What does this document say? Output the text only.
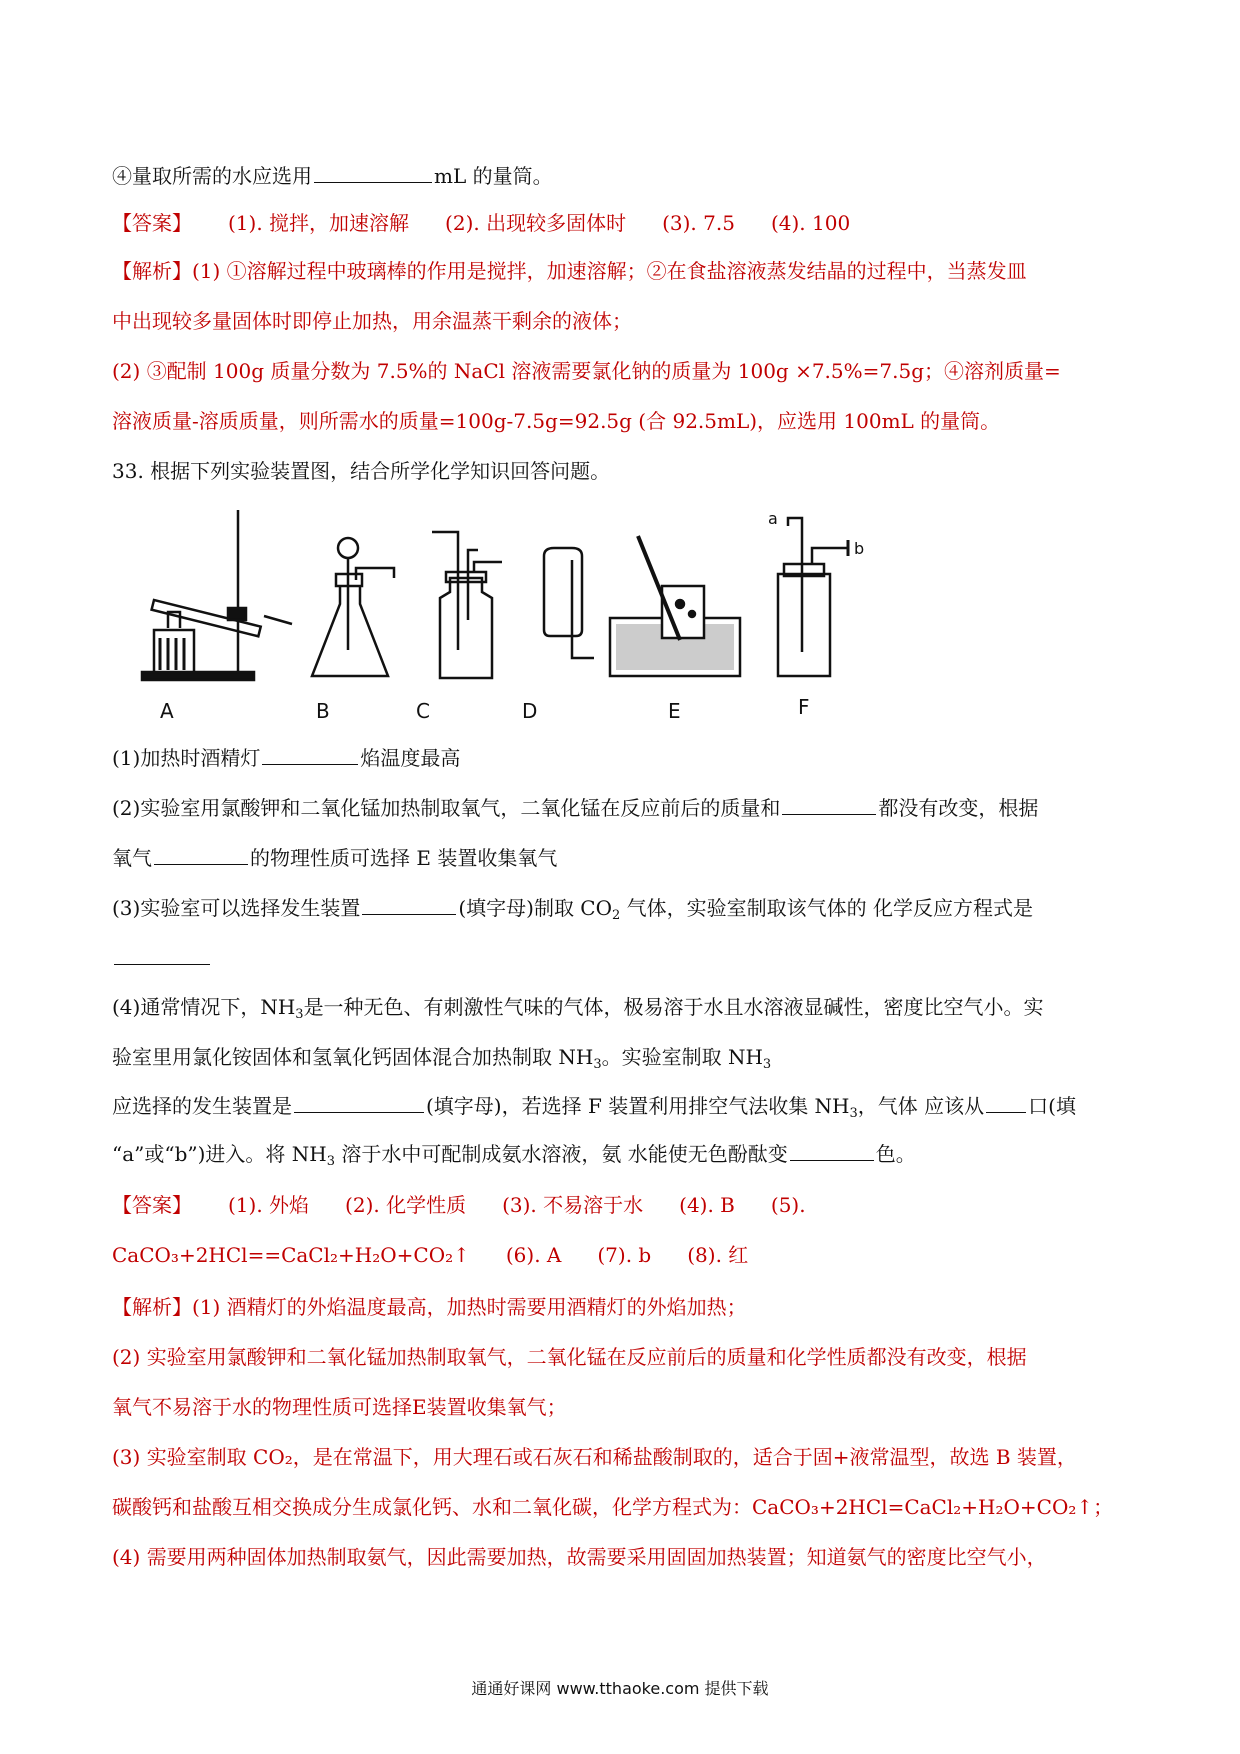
④量取所需的水应选用	mL 的量筒。
【答案】 (1). 搅拌，加速溶解 (2). 出现较多固体时 (3). 7.5 (4). 100
【解析】(1) ①溶解过程中玻璃棒的作用是搅拌，加速溶解；②在食盐溶液蒸发结晶的过程中，当蒸发皿
中出现较多量固体时即停止加热，用余温蒸干剩余的液体；
(2) ③配制 100g 质量分数为 7.5%的 NaCl 溶液需要氯化钠的质量为 100g ×7.5%=7.5g；④溶剂质量=
溶液质量-溶质质量，则所需水的质量=100g-7.5g=92.5g (合 92.5mL)，应选用 100mL 的量筒。
33. 根据下列实验装置图，结合所学化学知识回答问题。
A	B	C	D	E	F
a
b
(1)加热时酒精灯	焰温度最高
(2)实验室用氯酸钾和二氧化锰加热制取氧气，二氧化锰在反应前后的质量和	都没有改变，根据
氧气	的物理性质可选择 E 装置收集氧气
(3)实验室可以选择发生装置	(填字母)制取 $CO_2$ 气体，实验室制取该气体的 化学反应方程式是
(4)通常情况下，$NH_3$是一种无色、有刺激性气味的气体，极易溶于水且水溶液显碱性，密度比空气小。实
验室里用氯化铵固体和氢氧化钙固体混合加热制取 $NH_3$。实验室制取 $NH_3$
应选择的发生装置是	(填字母)，若选择 F 装置利用排空气法收集 $NH_3$，气体 应该从 口(填
“a”或“b”)进入。将 $NH_3$ 溶于水中可配制成氨水溶液，氨 水能使无色酚酞变	色。
【答案】 (1). 外焰 (2). 化学性质 (3). 不易溶于水 (4). B (5).
CaCO₃+2HCl==CaCl₂+H₂O+CO₂↑ (6). A (7). b (8). 红
【解析】(1) 酒精灯的外焰温度最高，加热时需要用酒精灯的外焰加热；
(2) 实验室用氯酸钾和二氧化锰加热制取氧气，二氧化锰在反应前后的质量和化学性质都没有改变，根据
氧气不易溶于水的物理性质可选择E装置收集氧气；
(3) 实验室制取 CO₂，是在常温下，用大理石或石灰石和稀盐酸制取的，适合于固+液常温型，故选 B 装置，
碳酸钙和盐酸互相交换成分生成氯化钙、水和二氧化碳，化学方程式为：CaCO₃+2HCl=CaCl₂+H₂O+CO₂↑；
(4) 需要用两种固体加热制取氨气，因此需要加热，故需要采用固固加热装置；知道氨气的密度比空气小，
通通好课网 www.tthaoke.com 提供下载
